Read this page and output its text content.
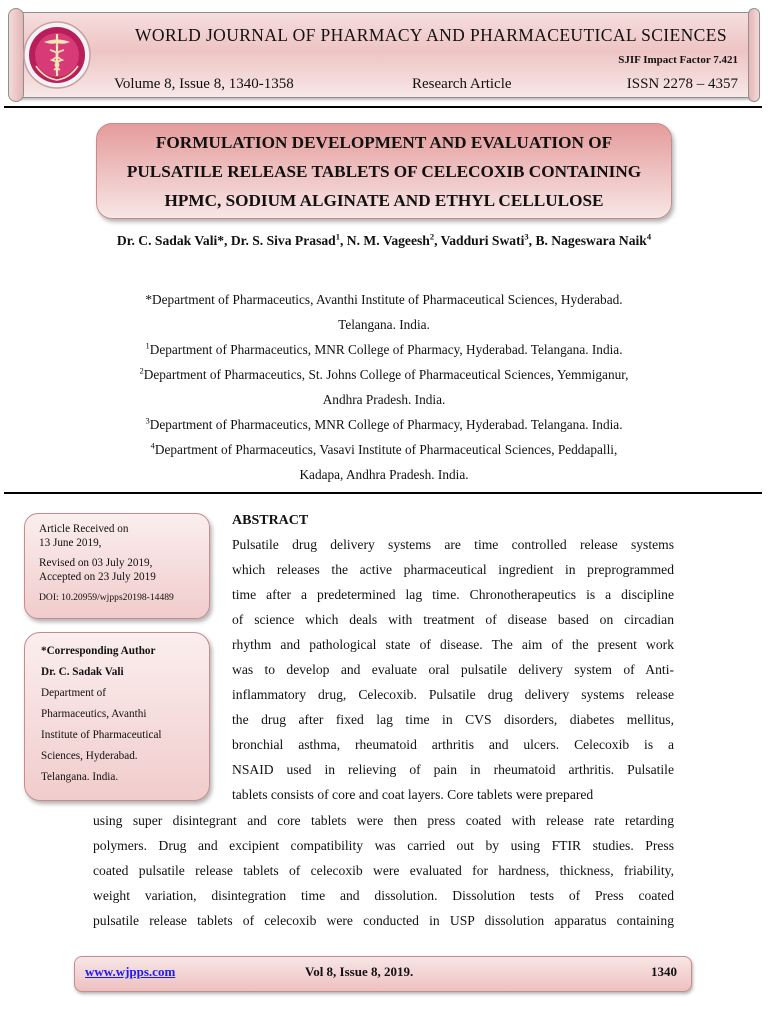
WORLD JOURNAL OF PHARMACY AND PHARMACEUTICAL SCIENCES
SJIF Impact Factor 7.421
Volume 8, Issue 8, 1340-1358	Research Article	ISSN 2278 – 4357
FORMULATION DEVELOPMENT AND EVALUATION OF
PULSATILE RELEASE TABLETS OF CELECOXIB CONTAINING
HPMC, SODIUM ALGINATE AND ETHYL CELLULOSE
Dr. C. Sadak Vali*, Dr. S. Siva Prasad$^1$, N. M. Vageesh$^2$, Vadduri Swati$^3$, B. Nageswara Naik$^4$
*Department of Pharmaceutics, Avanthi Institute of Pharmaceutical Sciences, Hyderabad.
Telangana. India.
$^1$Department of Pharmaceutics, MNR College of Pharmacy, Hyderabad. Telangana. India.
$^2$Department of Pharmaceutics, St. Johns College of Pharmaceutical Sciences, Yemmiganur,
Andhra Pradesh. India.
$^3$Department of Pharmaceutics, MNR College of Pharmacy, Hyderabad. Telangana. India.
$^4$Department of Pharmaceutics, Vasavi Institute of Pharmaceutical Sciences, Peddapalli,
Kadapa, Andhra Pradesh. India.
Article Received on
13 June 2019,
Revised on 03 July 2019,
Accepted on 23 July 2019
DOI: 10.20959/wjpps20198-14489
*Corresponding Author
Dr. C. Sadak Vali
Department of
Pharmaceutics, Avanthi
Institute of Pharmaceutical
Sciences, Hyderabad.
Telangana. India.
ABSTRACT
Pulsatile drug delivery systems are time controlled release systems
which releases the active pharmaceutical ingredient in preprogrammed
time after a predetermined lag time. Chronotherapeutics is a discipline
of science which deals with treatment of disease based on circadian
rhythm and pathological state of disease. The aim of the present work
was to develop and evaluate oral pulsatile delivery system of Anti-
inflammatory drug, Celecoxib. Pulsatile drug delivery systems release
the drug after fixed lag time in CVS disorders, diabetes mellitus,
bronchial asthma, rheumatoid arthritis and ulcers. Celecoxib is a
NSAID used in relieving of pain in rheumatoid arthritis. Pulsatile
tablets consists of core and coat layers. Core tablets were prepared
using super disintegrant and core tablets were then press coated with release rate retarding
polymers. Drug and excipient compatibility was carried out by using FTIR studies. Press
coated pulsatile release tablets of celecoxib were evaluated for hardness, thickness, friability,
weight variation, disintegration time and dissolution. Dissolution tests of Press coated
pulsatile release tablets of celecoxib were conducted in USP dissolution apparatus containing
www.wjpps.com	Vol 8, Issue 8, 2019.	1340
